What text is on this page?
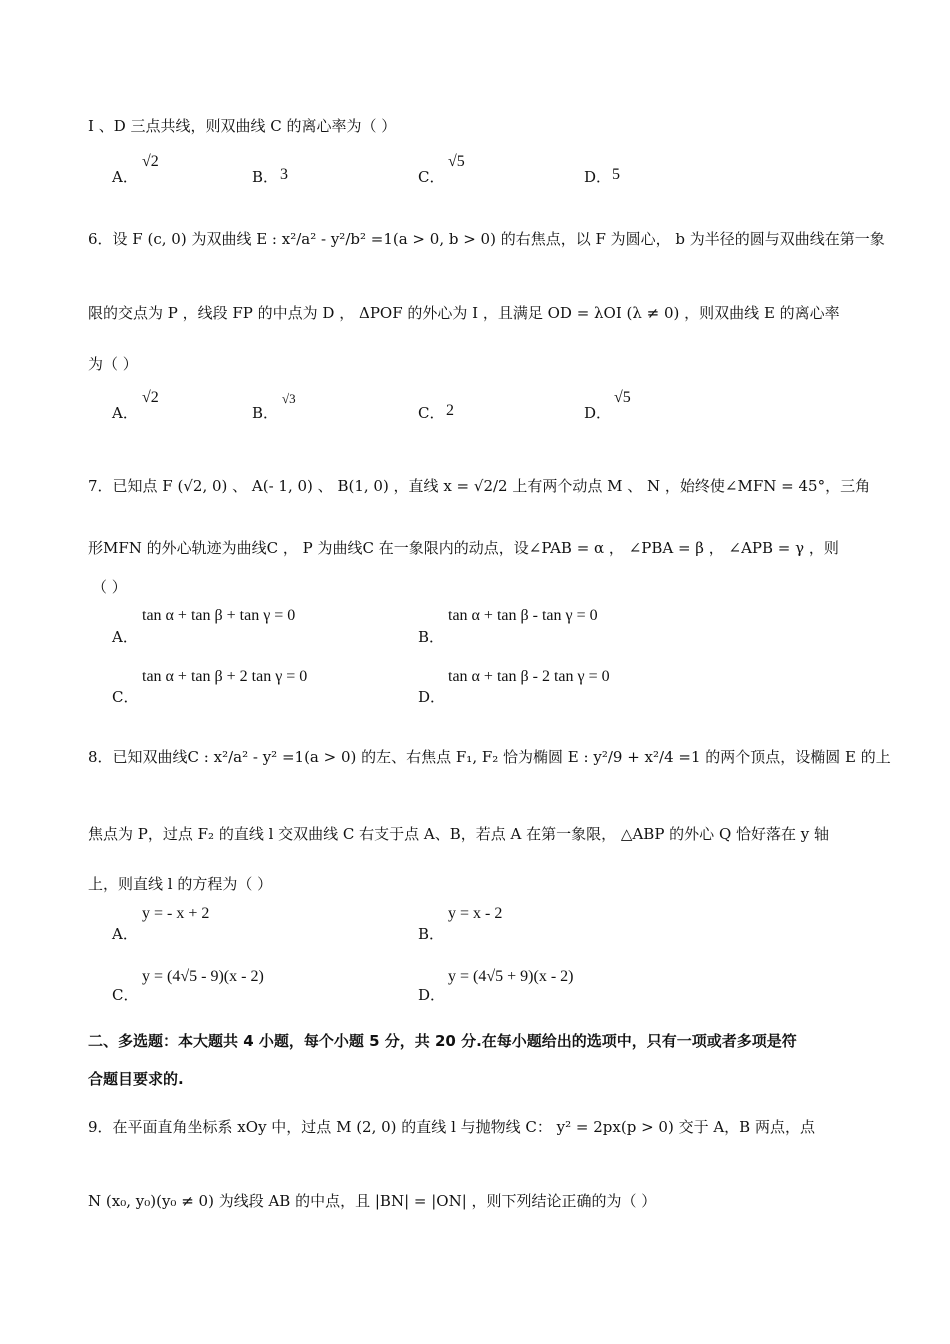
I 、D 三点共线，则双曲线 C 的离心率为（ ）
A．
√2
B． 3	C．
√5
D． 5
6．设 F (c, 0) 为双曲线 E : x²/a² - y²/b² =1(a > 0, b > 0) 的右焦点，以 F 为圆心， b 为半径的圆与双曲线在第一象
限的交点为 P ，线段 FP 的中点为 D ， ΔPOF 的外心为 I ，且满足 OD = λOI (λ ≠ 0) ，则双曲线 E 的离心率
为（ ）
A．
√2
B．
√3
C． 2	D．
√5
7．已知点 F (√2, 0) 、 A(- 1, 0) 、 B(1, 0) ，直线 x = √2/2 上有两个动点 M 、 N ，始终使∠MFN = 45°，三角
形MFN 的外心轨迹为曲线C ， P 为曲线C 在一象限内的动点，设∠PAB = α ， ∠PBA = β ， ∠APB = γ ，则
（ ）
A．
tan α + tan β + tan γ = 0
B．
tan α + tan β - tan γ = 0
C．
tan α + tan β + 2 tan γ = 0
D．
tan α + tan β - 2 tan γ = 0
8．已知双曲线C : x²/a² - y² =1(a > 0) 的左、右焦点 F₁, F₂ 恰为椭圆 E : y²/9 + x²/4 =1 的两个顶点，设椭圆 E 的上
焦点为 P，过点 F₂ 的直线 l 交双曲线 C 右支于点 A、B，若点 A 在第一象限， △ABP 的外心 Q 恰好落在 y 轴
上，则直线 l 的方程为（ ）
A．
y = - x + 2
B．
y = x - 2
C．
y = (4√5 - 9)(x - 2)
D．
y = (4√5 + 9)(x - 2)
二、多选题：本大题共 4 小题，每个小题 5 分，共 20 分.在每小题给出的选项中，只有一项或者多项是符
合题目要求的.
9．在平面直角坐标系 xOy 中，过点 M (2, 0) 的直线 l 与抛物线 C： y² = 2px(p > 0) 交于 A，B 两点，点
N (x₀, y₀)(y₀ ≠ 0) 为线段 AB 的中点，且 |BN| = |ON| ，则下列结论正确的为（ ）
